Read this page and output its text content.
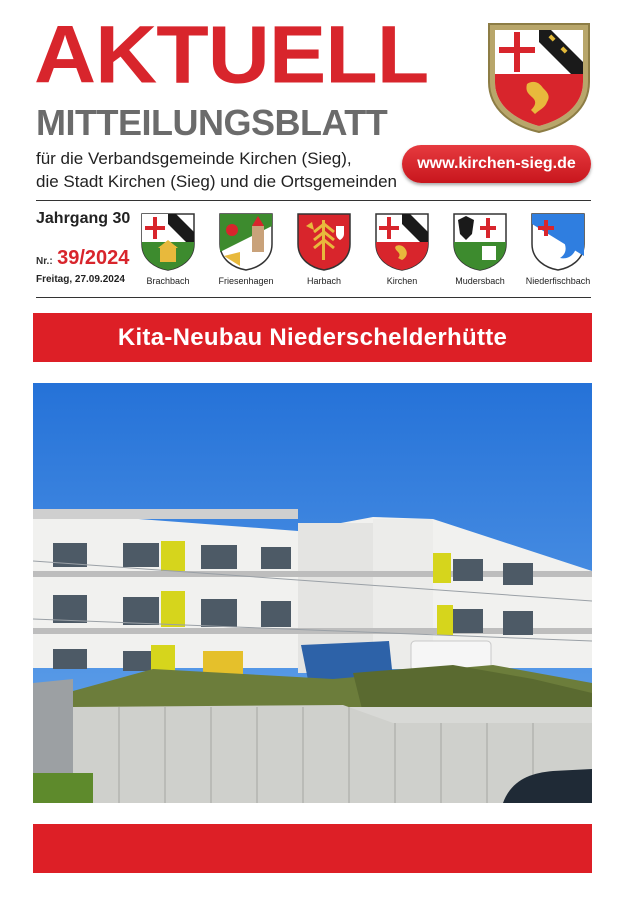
AKTUELL
MITTEILUNGSBLATT
für die Verbandsgemeinde Kirchen (Sieg),
die Stadt Kirchen (Sieg) und die Ortsgemeinden
www.kirchen-sieg.de
Jahrgang 30
Nr.: 39/2024
Freitag, 27.09.2024	Brachbach	Friesenhagen	Harbach	Kirchen	Mudersbach	Niederfischbach
Kita-Neubau Niederschelderhütte
